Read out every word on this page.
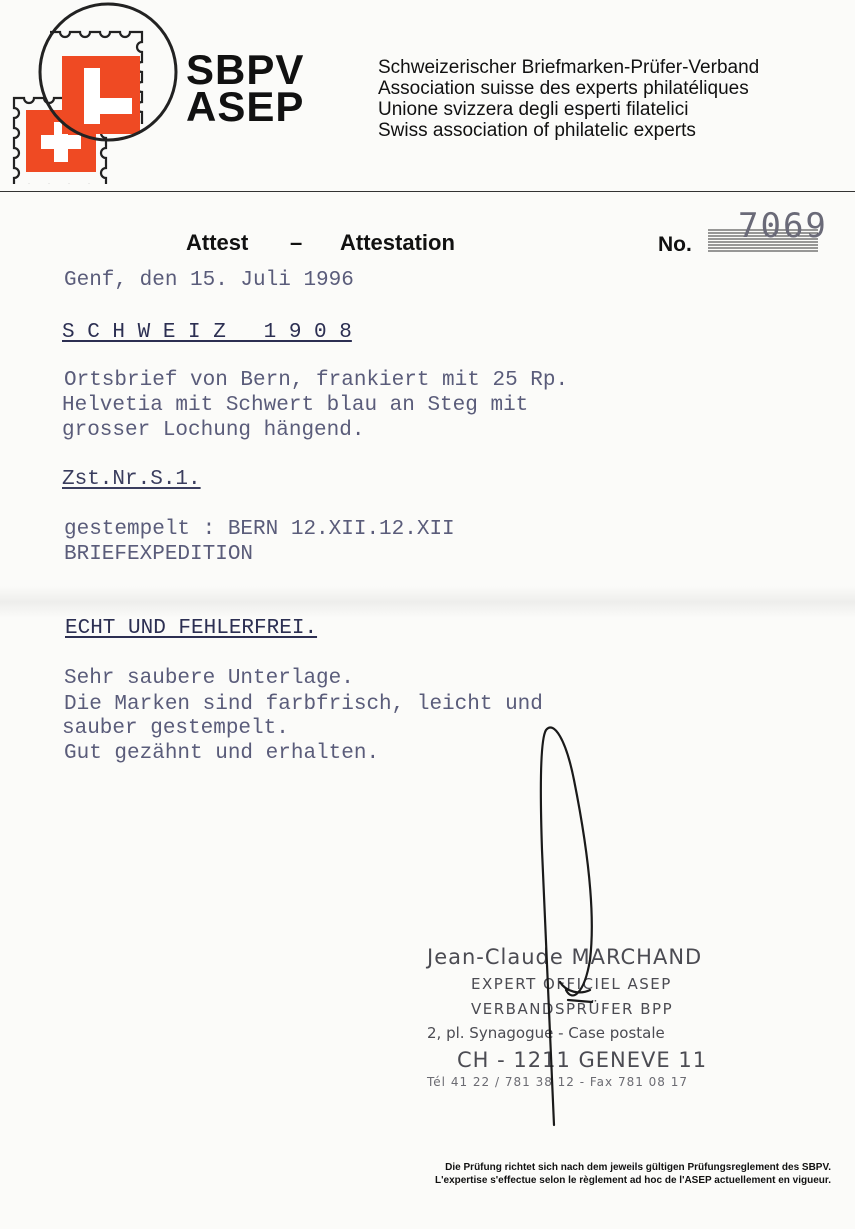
SBPV
ASEP
Schweizerischer Briefmarken-Prüfer-Verband
Association suisse des experts philatéliques
Unione svizzera degli esperti filatelici
Swiss association of philatelic experts
Attest – Attestation	No. 7069
Genf, den 15. Juli 1996
S C H W E I Z   1 9 0 8
Ortsbrief von Bern, frankiert mit 25 Rp.
Helvetia mit Schwert blau an Steg mit
grosser Lochung hängend.
Zst.Nr.S.1.
gestempelt : BERN 12.XII.12.XII
BRIEFEXPEDITION
ECHT UND FEHLERFREI.
Sehr saubere Unterlage.
Die Marken sind farbfrisch, leicht und
sauber gestempelt.
Gut gezähnt und erhalten.
Jean-Claude MARCHAND
EXPERT OFFICIEL ASEP
VERBANDSPRÜFER BPP
2, pl. Synagogue - Case postale
CH - 1211 GENEVE 11
Tél 41 22 / 781 38 12 - Fax 781 08 17
Die Prüfung richtet sich nach dem jeweils gültigen Prüfungsreglement des SBPV.
L'expertise s'effectue selon le règlement ad hoc de l'ASEP actuellement en vigueur.
